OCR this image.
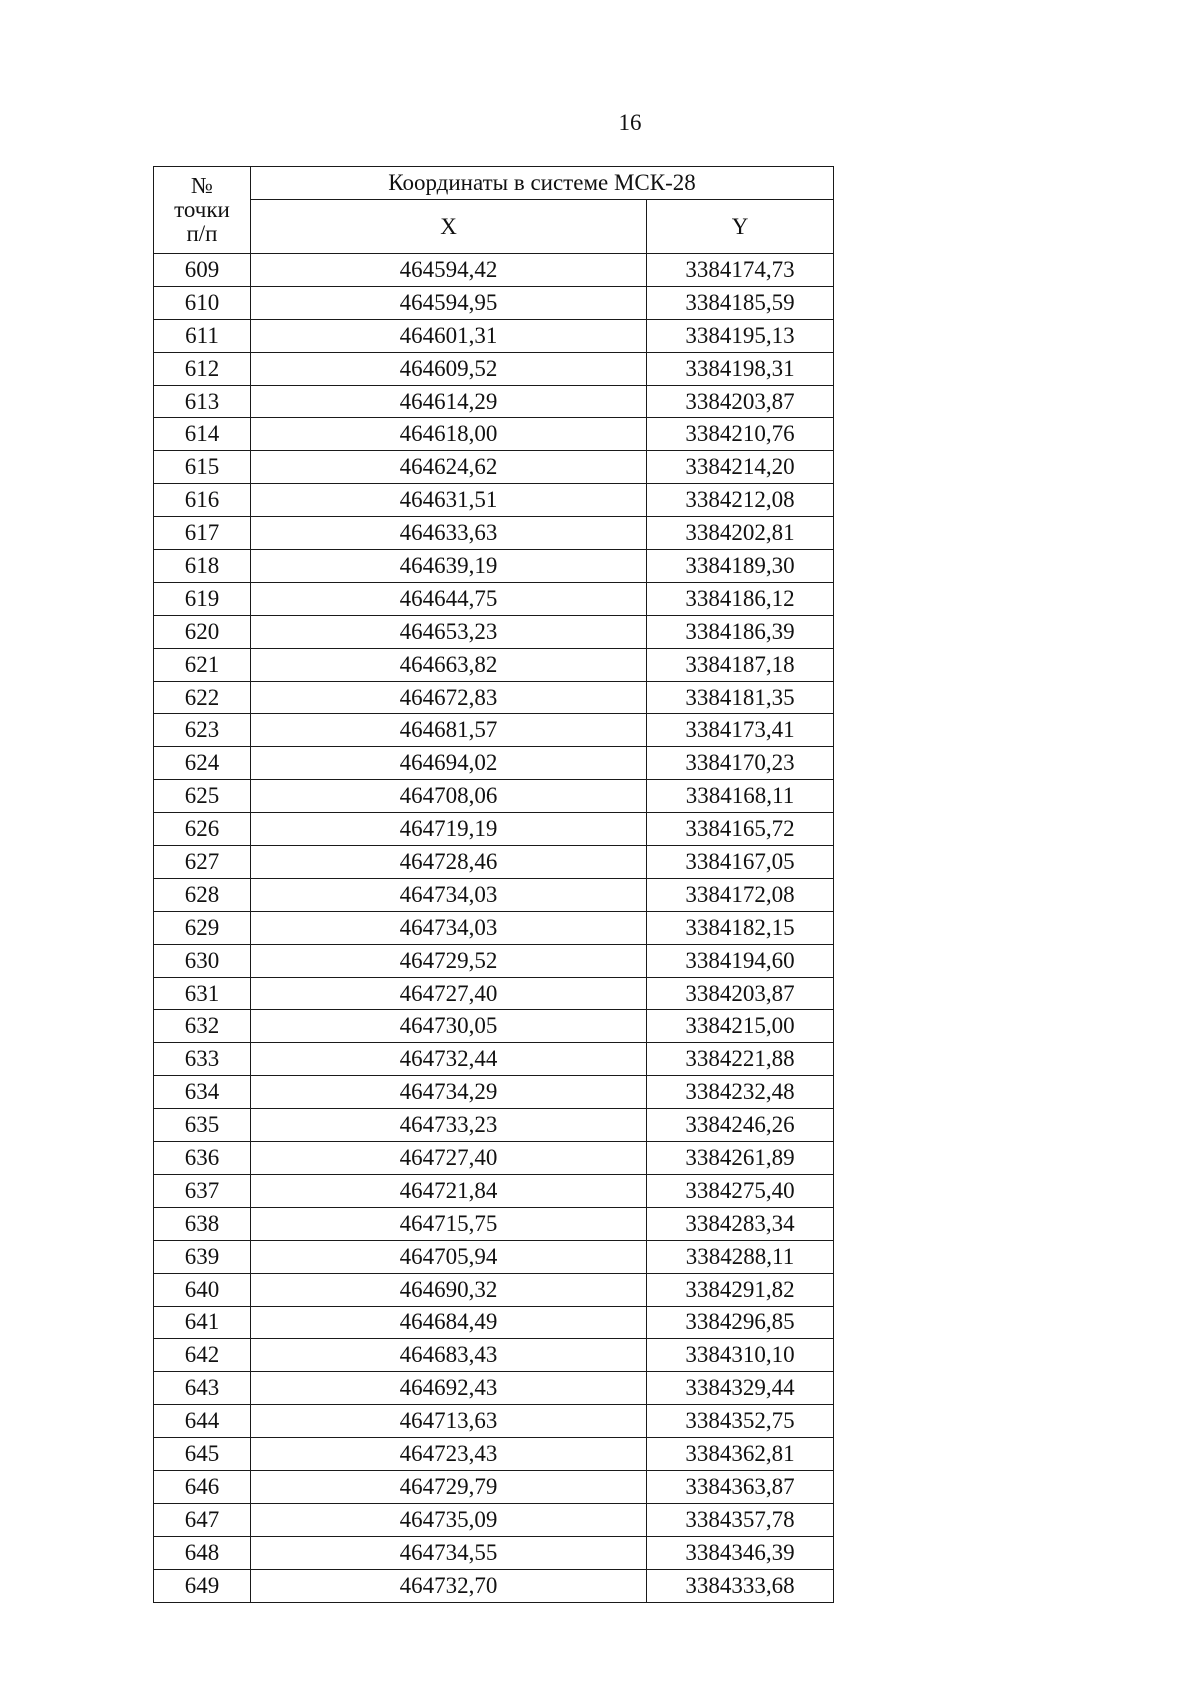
16
№
точки
п/п	Координаты в системе МСК-28	
	X	Y
609	464594,42	3384174,73
610	464594,95	3384185,59
611	464601,31	3384195,13
612	464609,52	3384198,31
613	464614,29	3384203,87
614	464618,00	3384210,76
615	464624,62	3384214,20
616	464631,51	3384212,08
617	464633,63	3384202,81
618	464639,19	3384189,30
619	464644,75	3384186,12
620	464653,23	3384186,39
621	464663,82	3384187,18
622	464672,83	3384181,35
623	464681,57	3384173,41
624	464694,02	3384170,23
625	464708,06	3384168,11
626	464719,19	3384165,72
627	464728,46	3384167,05
628	464734,03	3384172,08
629	464734,03	3384182,15
630	464729,52	3384194,60
631	464727,40	3384203,87
632	464730,05	3384215,00
633	464732,44	3384221,88
634	464734,29	3384232,48
635	464733,23	3384246,26
636	464727,40	3384261,89
637	464721,84	3384275,40
638	464715,75	3384283,34
639	464705,94	3384288,11
640	464690,32	3384291,82
641	464684,49	3384296,85
642	464683,43	3384310,10
643	464692,43	3384329,44
644	464713,63	3384352,75
645	464723,43	3384362,81
646	464729,79	3384363,87
647	464735,09	3384357,78
648	464734,55	3384346,39
649	464732,70	3384333,68
